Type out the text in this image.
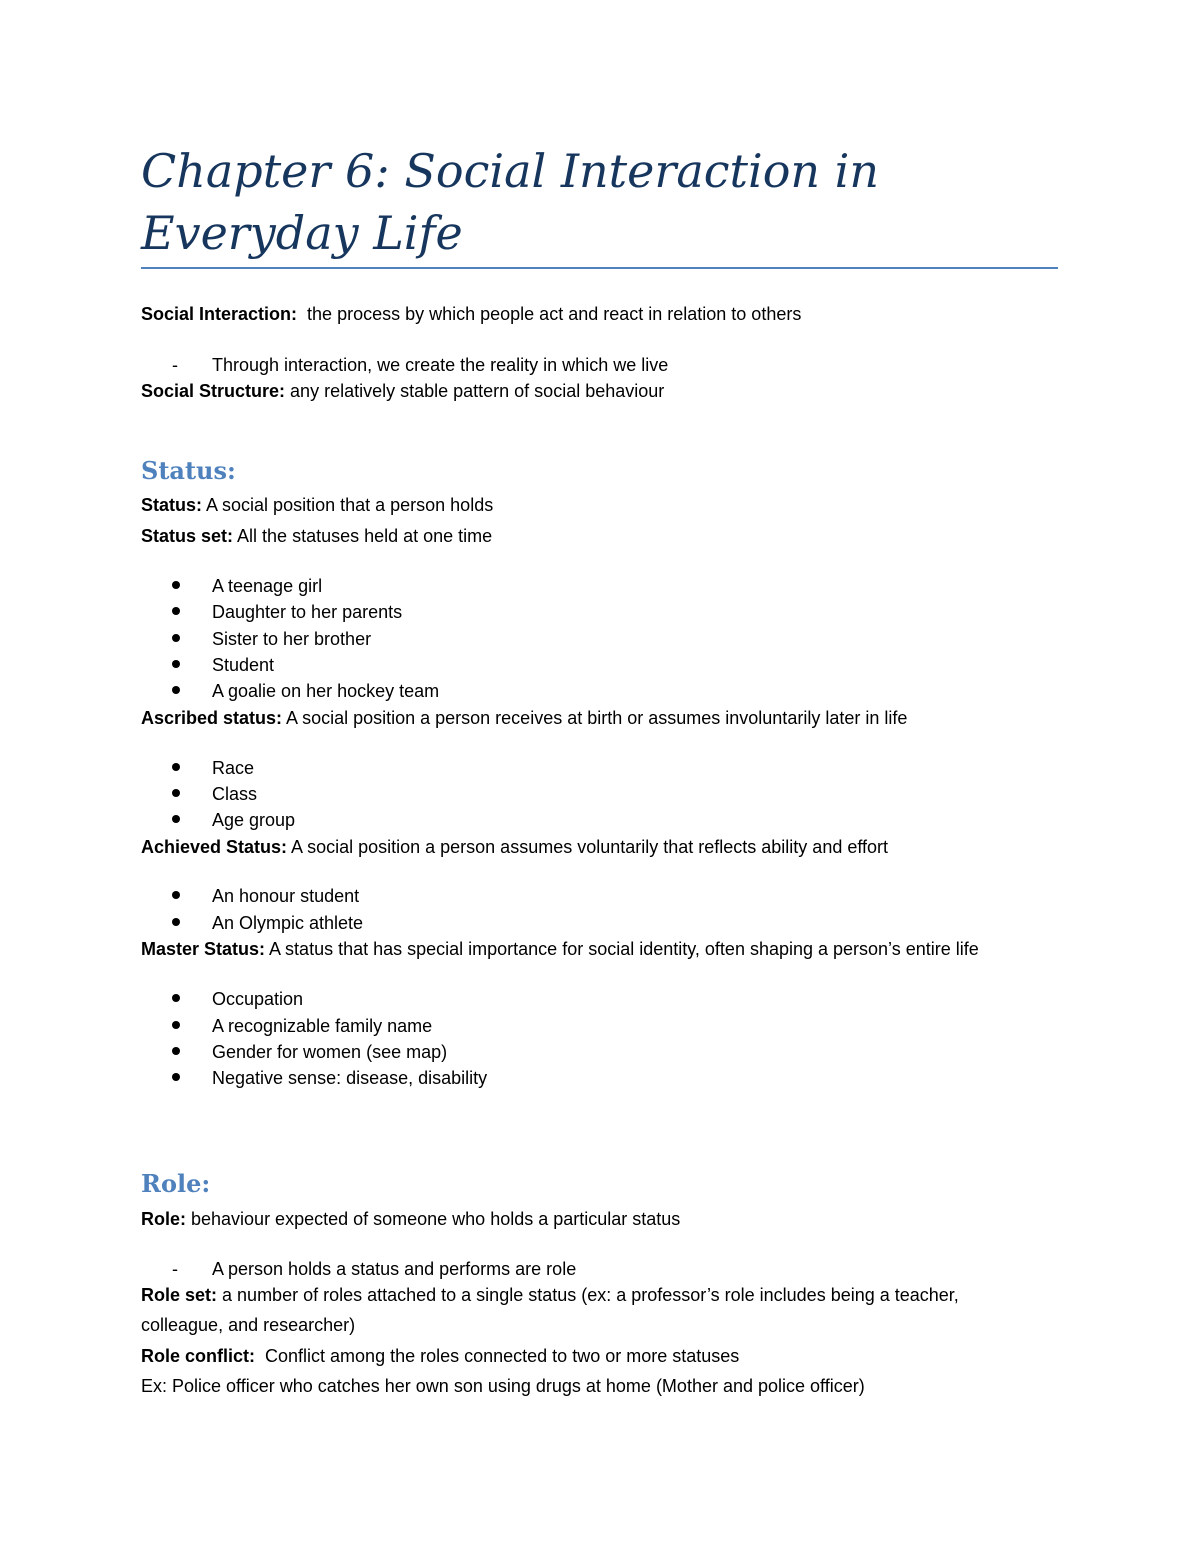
Chapter 6: Social Interaction in Everyday Life

Social Interaction:  the process by which people act and react in relation to others

- Through interaction, we create the reality in which we live

Social Structure: any relatively stable pattern of social behaviour

Status:

Status: A social position that a person holds

Status set: All the statuses held at one time

A teenage girl
Daughter to her parents
Sister to her brother
Student
A goalie on her hockey team

Ascribed status: A social position a person receives at birth or assumes involuntarily later in life

Race
Class
Age group

Achieved Status: A social position a person assumes voluntarily that reflects ability and effort

An honour student
An Olympic athlete

Master Status: A status that has special importance for social identity, often shaping a person’s entire life

Occupation
A recognizable family name
Gender for women (see map)
Negative sense: disease, disability
Role:

Role: behaviour expected of someone who holds a particular status

- A person holds a status and performs are role

Role set: a number of roles attached to a single status (ex: a professor’s role includes being a teacher,

colleague, and researcher)

Role conflict:  Conflict among the roles connected to two or more statuses

Ex: Police officer who catches her own son using drugs at home (Mother and police officer)
